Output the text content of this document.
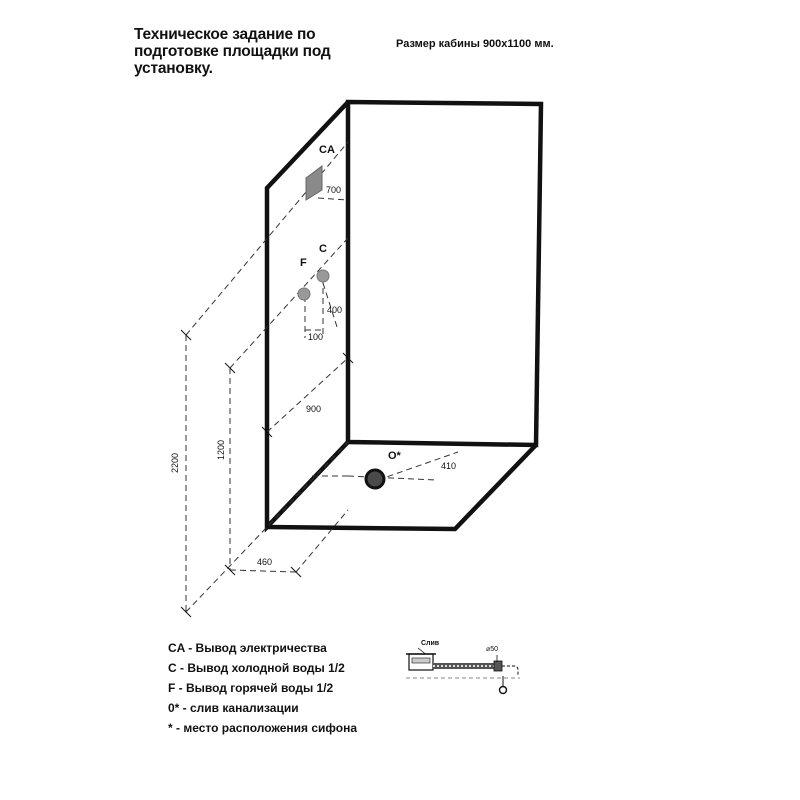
Техническое задание по подготовке площадки под установку.
Размер кабины 900х1100 мм.
CA
F
C
O*
700
400
100
900
410
2200
1200
460
Слив
⌀50
CA - Вывод электричества
C - Вывод холодной воды 1/2
F - Вывод горячей воды 1/2
0* - слив канализации
* - место расположения сифона
